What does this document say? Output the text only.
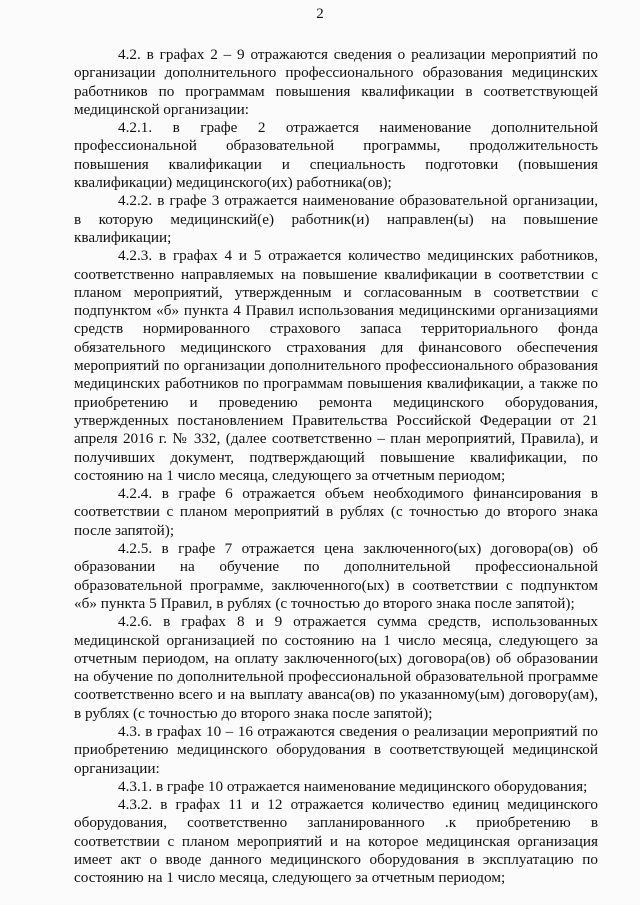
2

4.2. в графах 2 – 9 отражаются сведения о реализации мероприятий по организации дополнительного профессионального образования медицинских работников по программам повышения квалификации в соответствующей медицинской организации:

4.2.1. в графе 2 отражается наименование дополнительной профессиональной образовательной программы, продолжительность повышения квалификации и специальность подготовки (повышения квалификации) медицинского(их) работника(ов);

4.2.2. в графе 3 отражается наименование образовательной организации, в которую медицинский(е) работник(и) направлен(ы) на повышение квалификации;

4.2.3. в графах 4 и 5 отражается количество медицинских работников, соответственно направляемых на повышение квалификации в соответствии с планом мероприятий, утвержденным и согласованным в соответствии с подпунктом «б» пункта 4 Правил использования медицинскими организациями средств нормированного страхового запаса территориального фонда обязательного медицинского страхования для финансового обеспечения мероприятий по организации дополнительного профессионального образования медицинских работников по программам повышения квалификации, а также по приобретению и проведению ремонта медицинского оборудования, утвержденных постановлением Правительства Российской Федерации от 21 апреля 2016 г. № 332, (далее соответственно – план мероприятий, Правила), и получивших документ, подтверждающий повышение квалификации, по состоянию на 1 число месяца, следующего за отчетным периодом;

4.2.4. в графе 6 отражается объем необходимого финансирования в соответствии с планом мероприятий в рублях (с точностью до второго знака после запятой);

4.2.5. в графе 7 отражается цена заключенного(ых) договора(ов) об образовании на обучение по дополнительной профессиональной образовательной программе, заключенного(ых) в соответствии с подпунктом «б» пункта 5 Правил, в рублях (с точностью до второго знака после запятой);

4.2.6. в графах 8 и 9 отражается сумма средств, использованных медицинской организацией по состоянию на 1 число месяца, следующего за отчетным периодом, на оплату заключенного(ых) договора(ов) об образовании на обучение по дополнительной профессиональной образовательной программе соответственно всего и на выплату аванса(ов) по указанному(ым) договору(ам), в рублях (с точностью до второго знака после запятой);

4.3. в графах 10 – 16 отражаются сведения о реализации мероприятий по приобретению медицинского оборудования в соответствующей медицинской организации:

4.3.1. в графе 10 отражается наименование медицинского оборудования;

4.3.2. в графах 11 и 12 отражается количество единиц медицинского оборудования, соответственно запланированного .к приобретению в соответствии с планом мероприятий и на которое медицинская организация имеет акт о вводе данного медицинского оборудования в эксплуатацию по состоянию на 1 число месяца, следующего за отчетным периодом;
